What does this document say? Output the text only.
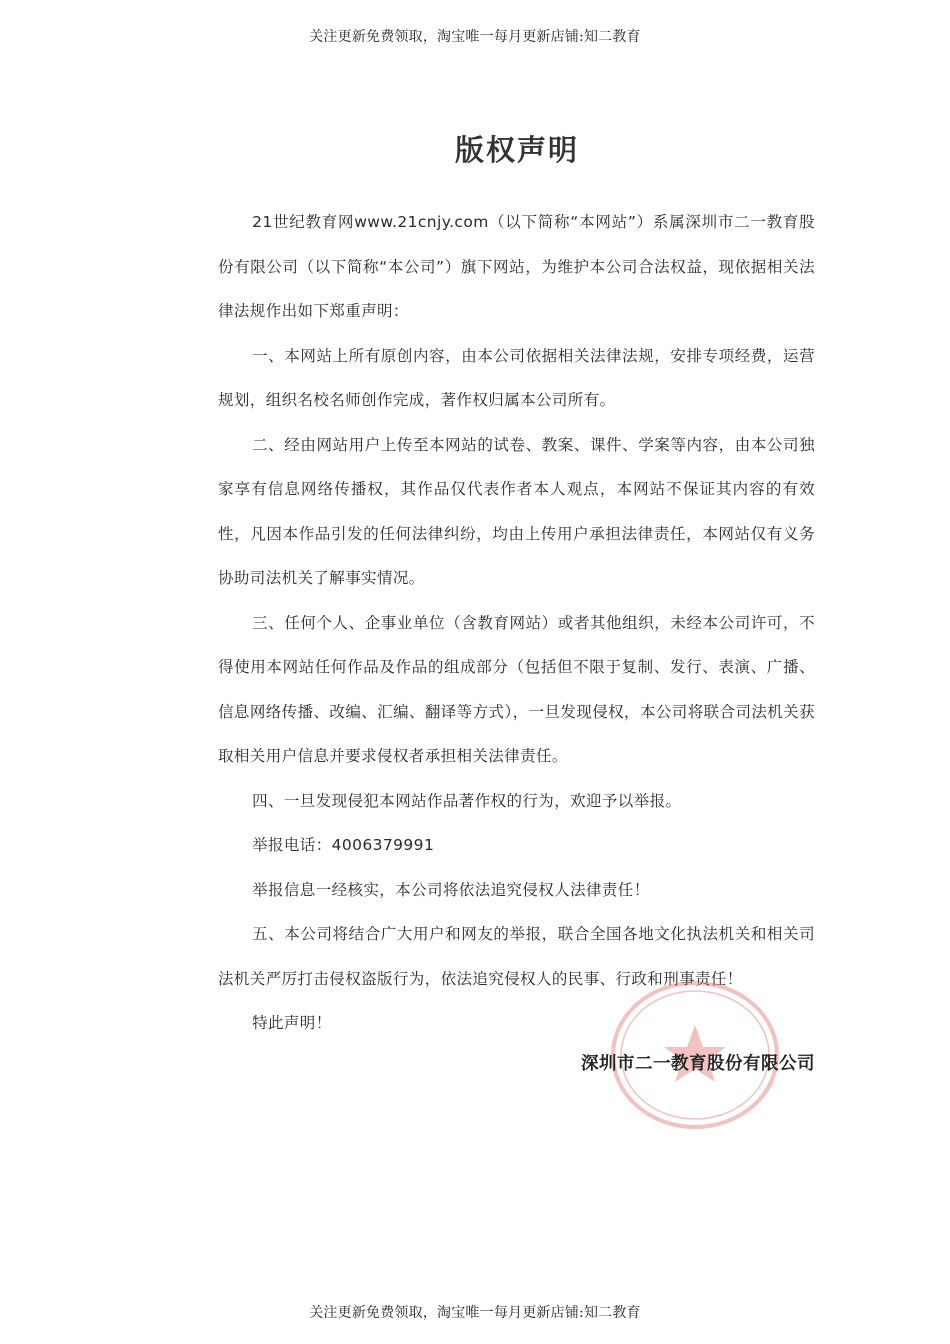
关注更新免费领取，淘宝唯一每月更新店铺:知二教育
版权声明

21世纪教育网www.21cnjy.com（以下简称“本网站”）系属深圳市二一教育股份有限公司（以下简称“本公司”）旗下网站，为维护本公司合法权益，现依据相关法律法规作出如下郑重声明：

一、本网站上所有原创内容，由本公司依据相关法律法规，安排专项经费，运营规划，组织名校名师创作完成，著作权归属本公司所有。

二、经由网站用户上传至本网站的试卷、教案、课件、学案等内容，由本公司独家享有信息网络传播权，其作品仅代表作者本人观点，本网站不保证其内容的有效性，凡因本作品引发的任何法律纠纷，均由上传用户承担法律责任，本网站仅有义务协助司法机关了解事实情况。

三、任何个人、企事业单位（含教育网站）或者其他组织，未经本公司许可，不得使用本网站任何作品及作品的组成部分（包括但不限于复制、发行、表演、广播、信息网络传播、改编、汇编、翻译等方式），一旦发现侵权，本公司将联合司法机关获取相关用户信息并要求侵权者承担相关法律责任。

四、一旦发现侵犯本网站作品著作权的行为，欢迎予以举报。

举报电话：4006379991

举报信息一经核实，本公司将依法追究侵权人法律责任！

五、本公司将结合广大用户和网友的举报，联合全国各地文化执法机关和相关司法机关严厉打击侵权盗版行为，依法追究侵权人的民事、行政和刑事责任！

特此声明！

深圳市二一教育股份有限公司
关注更新免费领取，淘宝唯一每月更新店铺:知二教育
